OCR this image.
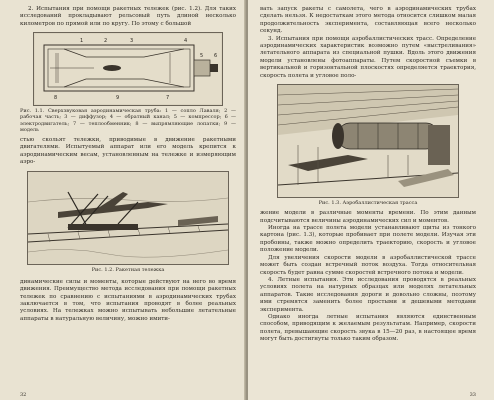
2. Испытания при помощи ракетных тележек (рис. 1.2). Для таких исследований прокладывают рельсовый путь длиной несколько километров по прямой или по кругу. По этому с большой

1	2	3	4
5 6
7
8	9

Рис. 1.1. Сверхзвуковая аэродинамическая труба: 1 — сопло Лаваля; 2 — рабочая часть; 3 — диффузор; 4 — обратный канал; 5 — компрессор; 6 — электродвигатель; 7 — теплообменник; 8 — выпрямляющие лопатки; 9 — модель

стью скольят тележки, приводимые в движение ракетными двигателями. Испытуемый аппарат или его модель крепится к аэродинамическим весам, установленным на тележке и измеряющим аэро-

Рис. 1.2. Ракетная тележка

динамические силы и моменты, которые действуют на него во время движения. Преимущество метода исследования при помощи ракетных тележек по сравнению с испытаниями в аэродинамических трубах заключается в том, что испытания проводят в более реальных условиях. На тележках можно испытывать небольшие летательные аппараты в натуральную величину, можно имити-

32

вать запуск ракеты с самолета, чего в аэродинамических трубах сделать нельзя. К недостаткам этого метода относится слишком малая продолжительность эксперимента, составляющая всего несколько секунд.

3. Испытания при помощи аэробаллистических трасс. Определение аэродинамических характеристик возможно путем «выстреливания» летательного аппарата из специальной пушки. Вдоль этого движения модели установлены фотоаппараты. Путем скоростной съемки в вертикальной и горизонтальной плоскостях определяется траектория, скорость полета и угловое поло-

Рис. 1.3. Аэробаллистическая трасса

жение модели в различные моменты времени. По этим данным подсчитываются величины аэродинамических сил и моментов.

Иногда на трассе полета модели устанавливают щиты из тонкого картона (рис. 1.3), которые пробивает при полете модели. Изучая эти пробоины, также можно определить траекторию, скорость и угловое положение модели.

Для увеличения скорости модели в аэробаллистической трассе может быть создан встречный поток воздуха. Тогда относительная скорость будет равна сумме скоростей встречного потока и модели.

4. Летные испытания. Эти исследования проводятся в реальных условиях полета на натурных образцах или моделях летательных аппаратов. Такие исследования дороги и довольно сложны, поэтому ими стремятся заменить более простыми и дешевыми методами эксперимента.

Однако иногда летные испытания являются единственным способом, приводящим к желаемым результатам. Например, скорости полета, превышающие скорость звука в 15—20 раз, в настоящее время могут быть достигнуты только таким образом.

33
